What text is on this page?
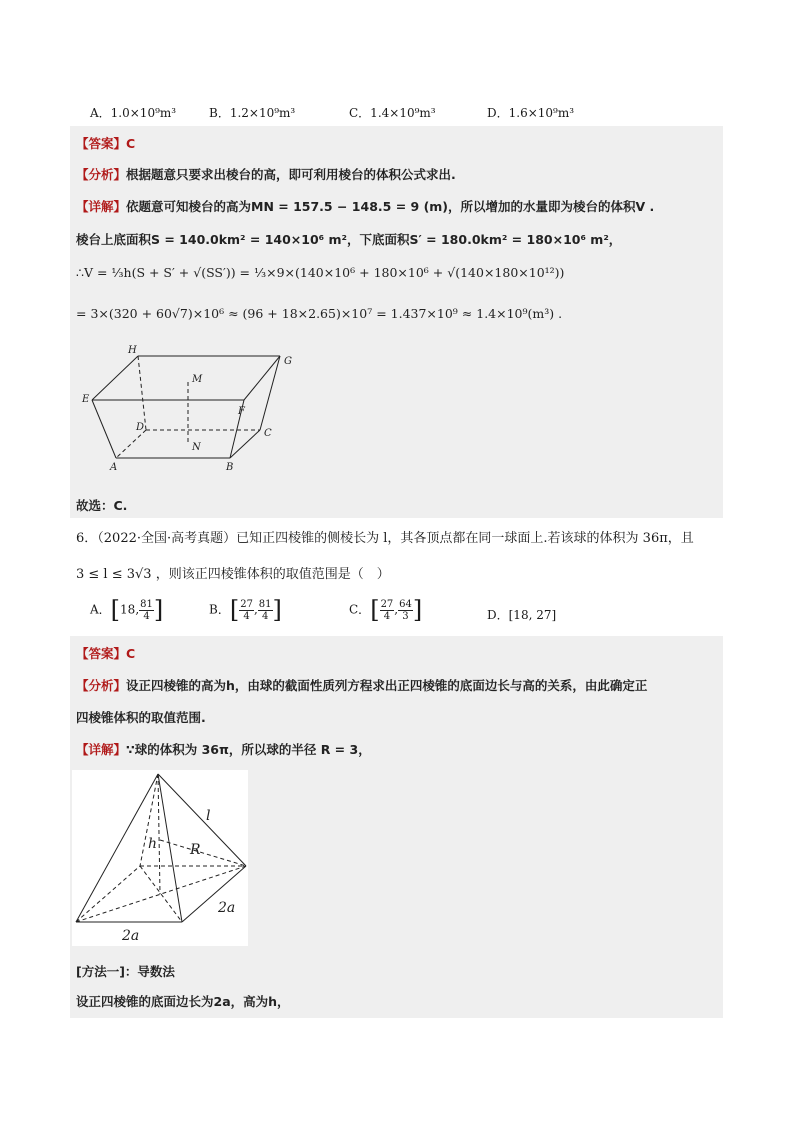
A．1.0×10⁹m³	B．1.2×10⁹m³	C．1.4×10⁹m³	D．1.6×10⁹m³
【答案】C
【分析】根据题意只要求出棱台的高，即可利用棱台的体积公式求出.
【详解】依题意可知棱台的高为MN = 157.5 − 148.5 = 9 (m)，所以增加的水量即为棱台的体积V .
棱台上底面积S = 140.0km² = 140×10⁶ m²，下底面积S′ = 180.0km² = 180×10⁶ m²，
∴V = ⅓h(S + S′ + √(SS′)) = ⅓×9×(140×10⁶ + 180×10⁶ + √(140×180×10¹²))
= 3×(320 + 60√7)×10⁶ ≈ (96 + 18×2.65)×10⁷ = 1.437×10⁹ ≈ 1.4×10⁹(m³) .
H
G
M
E
F
D
C
N
A	B
故选：C.
6．（2022·全国·高考真题）已知正四棱锥的侧棱长为 l，其各顶点都在同一球面上.若该球的体积为 36π，且
3 ≤ l ≤ 3√3 ，则该正四棱锥体积的取值范围是（　）
A．[18, $\frac{81}{4}$ ]	B．[ $\frac{27}{4}$ , $\frac{81}{4}$ ]	C．[ $\frac{27}{4}$ , $\frac{64}{3}$ ]	D．[18, 27]
【答案】C
【分析】设正四棱锥的高为h，由球的截面性质列方程求出正四棱锥的底面边长与高的关系，由此确定正
四棱锥体积的取值范围.
【详解】∵球的体积为 36π，所以球的半径 R = 3，
l
h R
2a
2a
[方法一]：导数法
设正四棱锥的底面边长为2a，高为h，
